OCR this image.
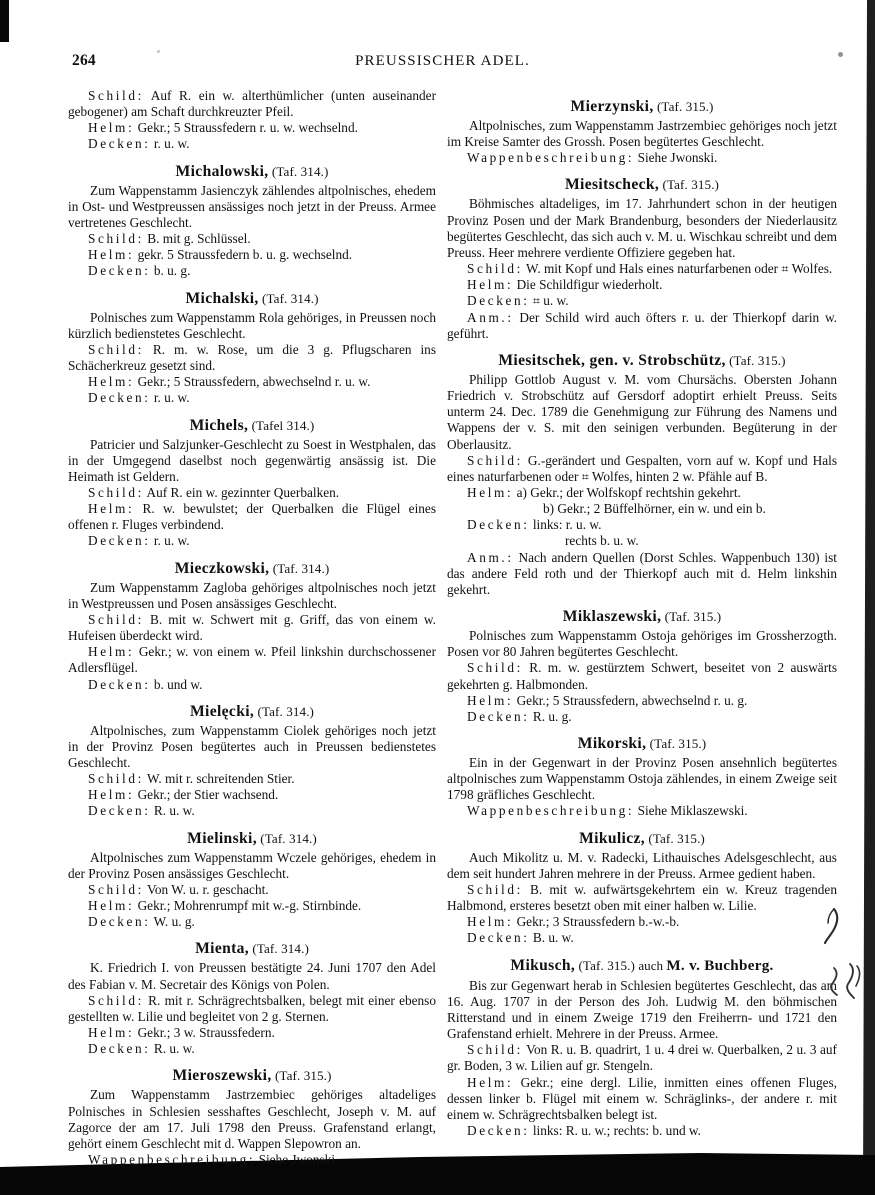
264	PREUSSISCHER ADEL.

Schild: Auf R. ein w. alterthümlicher (unten auseinander gebogener) am Schaft durchkreuzter Pfeil.

Helm: Gekr.; 5 Straussfedern r. u. w. wechselnd.

Decken: r. u. w.

Michalowski, (Taf. 314.)

Zum Wappenstamm Jasienczyk zählendes altpolnisches, ehedem in Ost- und Westpreussen ansässiges noch jetzt in der Preuss. Armee vertretenes Geschlecht.

Schild: B. mit g. Schlüssel.

Helm: gekr. 5 Straussfedern b. u. g. wechselnd.

Decken: b. u. g.

Michalski, (Taf. 314.)

Polnisches zum Wappenstamm Rola gehöriges, in Preussen noch kürzlich bedienstetes Geschlecht.

Schild: R. m. w. Rose, um die 3 g. Pflugscharen ins Schächerkreuz gesetzt sind.

Helm: Gekr.; 5 Straussfedern, abwechselnd r. u. w.

Decken: r. u. w.

Michels, (Tafel 314.)

Patricier und Salzjunker-Geschlecht zu Soest in Westphalen, das in der Umgegend daselbst noch gegenwärtig ansässig ist. Die Heimath ist Geldern.

Schild: Auf R. ein w. gezinnter Querbalken.

Helm: R. w. bewulstet; der Querbalken die Flügel eines offenen r. Fluges verbindend.

Decken: r. u. w.

Mieczkowski, (Taf. 314.)

Zum Wappenstamm Zagloba gehöriges altpolnisches noch jetzt in Westpreussen und Posen ansässiges Geschlecht.

Schild: B. mit w. Schwert mit g. Griff, das von einem w. Hufeisen überdeckt wird.

Helm: Gekr.; w. von einem w. Pfeil linkshin durchschossener Adlersflügel.

Decken: b. und w.

Mielęcki, (Taf. 314.)

Altpolnisches, zum Wappenstamm Ciolek gehöriges noch jetzt in der Provinz Posen begütertes auch in Preussen bedienstetes Geschlecht.

Schild: W. mit r. schreitenden Stier.

Helm: Gekr.; der Stier wachsend.

Decken: R. u. w.

Mielinski, (Taf. 314.)

Altpolnisches zum Wappenstamm Wczele gehöriges, ehedem in der Provinz Posen ansässiges Geschlecht.

Schild: Von W. u. r. geschacht.

Helm: Gekr.; Mohrenrumpf mit w.-g. Stirnbinde.

Decken: W. u. g.

Mienta, (Taf. 314.)

K. Friedrich I. von Preussen bestätigte 24. Juni 1707 den Adel des Fabian v. M. Secretair des Königs von Polen.

Schild: R. mit r. Schrägrechtsbalken, belegt mit einer ebenso gestellten w. Lilie und begleitet von 2 g. Sternen.

Helm: Gekr.; 3 w. Straussfedern.

Decken: R. u. w.

Mieroszewski, (Taf. 315.)

Zum Wappenstamm Jastrzembiec gehöriges altadeliges Polnisches in Schlesien sesshaftes Geschlecht, Joseph v. M. auf Zagorce der am 17. Juli 1798 den Preuss. Grafenstand erlangt, gehört einem Geschlecht mit d. Wappen Slepowron an.

Wappenbeschreibung: Siehe Jwonski.

Mierzynski, (Taf. 315.)

Altpolnisches, zum Wappenstamm Jastrzembiec gehöriges noch jetzt im Kreise Samter des Grossh. Posen begütertes Geschlecht.

Wappenbeschreibung: Siehe Jwonski.

Miesitscheck, (Taf. 315.)

Böhmisches altadeliges, im 17. Jahrhundert schon in der heutigen Provinz Posen und der Mark Brandenburg, besonders der Niederlausitz begütertes Geschlecht, das sich auch v. M. u. Wischkau schreibt und dem Preuss. Heer mehrere verdiente Offiziere gegeben hat.

Schild: W. mit Kopf und Hals eines naturfarbenen oder ⌗ Wolfes.

Helm: Die Schildfigur wiederholt.

Decken: ⌗ u. w.

Anm.: Der Schild wird auch öfters r. u. der Thierkopf darin w. geführt.

Miesitschek, gen. v. Strobschütz, (Taf. 315.)

Philipp Gottlob August v. M. vom Chursächs. Obersten Johann Friedrich v. Strobschütz auf Gersdorf adoptirt erhielt Preuss. Seits unterm 24. Dec. 1789 die Genehmigung zur Führung des Namens und Wappens der v. S. mit den seinigen verbunden. Begüterung in der Oberlausitz.

Schild: G.-gerändert und Gespalten, vorn auf w. Kopf und Hals eines naturfarbenen oder ⌗ Wolfes, hinten 2 w. Pfähle auf B.

Helm: a) Gekr.; der Wolfskopf rechtshin gekehrt.

b) Gekr.; 2 Büffelhörner, ein w. und ein b.

Decken: links: r. u. w.

rechts b. u. w.

Anm.: Nach andern Quellen (Dorst Schles. Wappenbuch 130) ist das andere Feld roth und der Thierkopf auch mit d. Helm linkshin gekehrt.

Miklaszewski, (Taf. 315.)

Polnisches zum Wappenstamm Ostoja gehöriges im Grossherzogth. Posen vor 80 Jahren begütertes Geschlecht.

Schild: R. m. w. gestürztem Schwert, beseitet von 2 auswärts gekehrten g. Halbmonden.

Helm: Gekr.; 5 Straussfedern, abwechselnd r. u. g.

Decken: R. u. g.

Mikorski, (Taf. 315.)

Ein in der Gegenwart in der Provinz Posen ansehnlich begütertes altpolnisches zum Wappenstamm Ostoja zählendes, in einem Zweige seit 1798 gräfliches Geschlecht.

Wappenbeschreibung: Siehe Miklaszewski.

Mikulicz, (Taf. 315.)

Auch Mikolitz u. M. v. Radecki, Lithauisches Adelsgeschlecht, aus dem seit hundert Jahren mehrere in der Preuss. Armee gedient haben.

Schild: B. mit w. aufwärtsgekehrtem ein w. Kreuz tragenden Halbmond, ersteres besetzt oben mit einer halben w. Lilie.

Helm: Gekr.; 3 Straussfedern b.-w.-b.

Decken: B. u. w.

Mikusch, (Taf. 315.) auch M. v. Buchberg.

Bis zur Gegenwart herab in Schlesien begütertes Geschlecht, das am 16. Aug. 1707 in der Person des Joh. Ludwig M. den böhmischen Ritterstand und in einem Zweige 1719 den Freiherrn- und 1721 den Grafenstand erhielt. Mehrere in der Preuss. Armee.

Schild: Von R. u. B. quadrirt, 1 u. 4 drei w. Querbalken, 2 u. 3 auf gr. Boden, 3 w. Lilien auf gr. Stengeln.

Helm: Gekr.; eine dergl. Lilie, inmitten eines offenen Fluges, dessen linker b. Flügel mit einem w. Schräglinks-, der andere r. mit einem w. Schrägrechtsbalken belegt ist.

Decken: links: R. u. w.; rechts: b. und w.
